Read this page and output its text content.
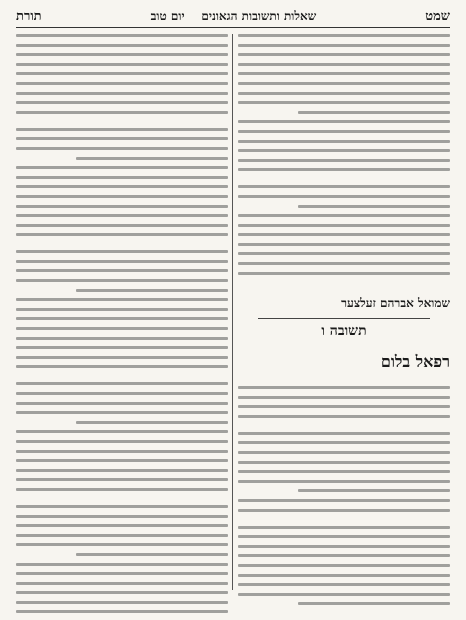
שמט
שאלות ותשובות הגאונים    יום טוב
תורת
שמואל אברהם זעלצער
תשובה ו
רפאל בלום
